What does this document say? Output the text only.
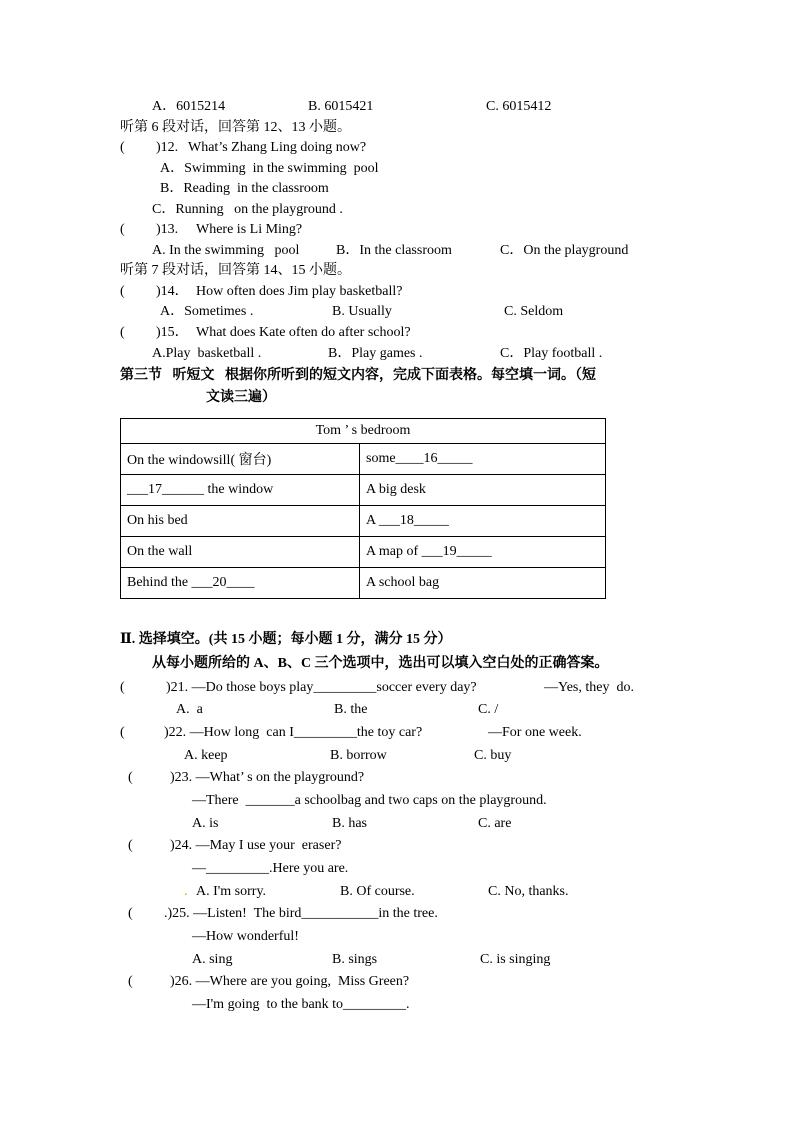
A．6015214	B. 6015421	C. 6015412
听第 6 段对话，回答第 12、13 小题。
( )12. What’s Zhang Ling doing now?
A．Swimming  in the swimming  pool
B．Reading  in the classroom
C．Running   on the playground .
( )13. Where is Li Ming?
A. In the swimming   pool	B．In the classroom	C．On the playground
听第 7 段对话，回答第 14、15 小题。
( )14． How often does Jim play basketball?
A．Sometimes .	B. Usually	C. Seldom
( )15． What does Kate often do after school?
A.Play  basketball .	B．Play games .	C．Play football .
第三节   听短文   根据你所听到的短文内容，完成下面表格。每空填一词。（短
文读三遍）
Tom ’ s bedroom	
On the windowsill( 窗台)	some____16_____
___17______ the window	A big desk
On his bed	A ___18_____
On the wall	A map of ___19_____
Behind the ___20____	A school bag
Ⅱ. 选择填空。(共 15 小题；每小题 1 分，满分 15 分）
从每小题所给的 A、B、C 三个选项中，选出可以填入空白处的正确答案。
(	)21. —Do those boys play_________soccer every day?	—Yes, they  do.
A.  a	B. the	C. /
(	)22. —How long  can I_________the toy car?	—For one week.
A. keep	B. borrow	C. buy
(	)23. —What’ s on the playground?
—There  _______a schoolbag and two caps on the playground.
A. is	B. has	C. are
(	)24. —May I use your  eraser?
—_________.Here you are.
. A. I'm sorry.	B. Of course.	C. No, thanks.
( .)25. —Listen!  The bird___________in the tree.
—How wonderful!
A. sing	B. sings	C. is singing
(	)26. —Where are you going,  Miss Green?
—I'm going  to the bank to_________.
